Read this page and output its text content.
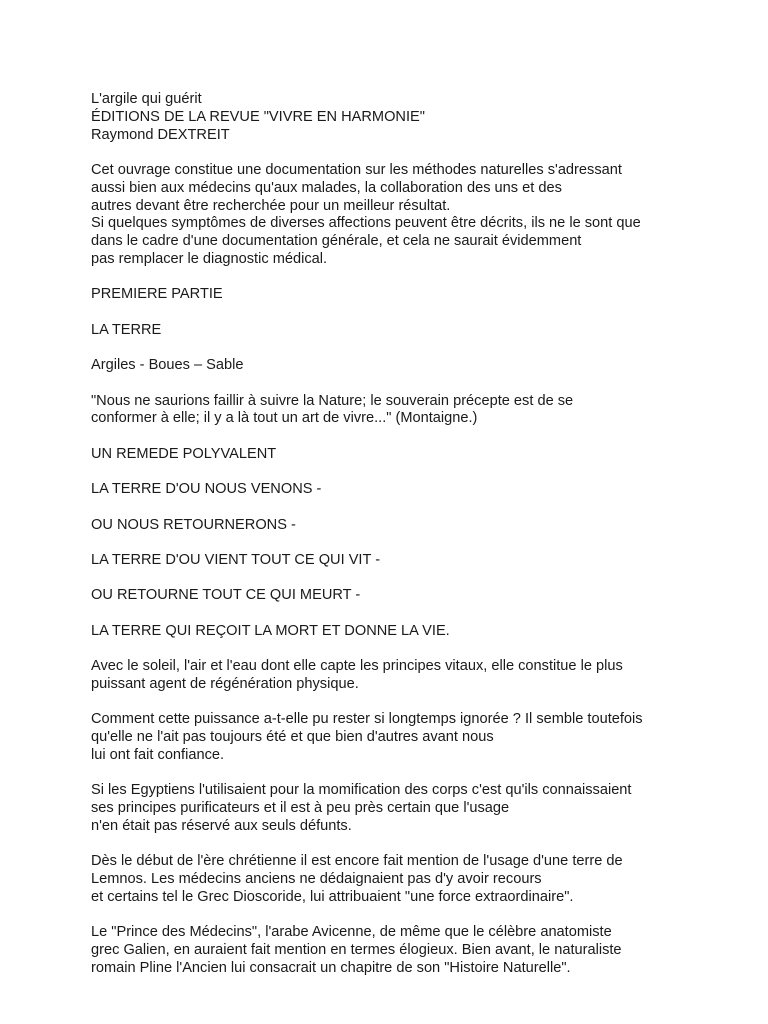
L'argile qui guérit
ÉDITIONS DE LA REVUE "VIVRE EN HARMONIE"
Raymond DEXTREIT
Cet ouvrage constitue une documentation sur les méthodes naturelles s'adressant
aussi bien aux médecins qu'aux malades, la collaboration des uns et des
autres devant être recherchée pour un meilleur résultat.
Si quelques symptômes de diverses affections peuvent être décrits, ils ne le sont que
dans le cadre d'une documentation générale, et cela ne saurait évidemment
pas remplacer le diagnostic médical.
PREMIERE PARTIE
LA TERRE
Argiles - Boues – Sable
"Nous ne saurions faillir à suivre la Nature; le souverain précepte est de se
conformer à elle; il y a là tout un art de vivre..." (Montaigne.)
UN REMEDE POLYVALENT
LA TERRE D'OU NOUS VENONS -
OU NOUS RETOURNERONS -
LA TERRE D'OU VIENT TOUT CE QUI VIT -
OU RETOURNE TOUT CE QUI MEURT -
LA TERRE QUI REÇOIT LA MORT ET DONNE LA VIE.
Avec le soleil, l'air et l'eau dont elle capte les principes vitaux, elle constitue le plus
puissant agent de régénération physique.
Comment cette puissance a-t-elle pu rester si longtemps ignorée ? Il semble toutefois
qu'elle ne l'ait pas toujours été et que bien d'autres avant nous
lui ont fait confiance.
Si les Egyptiens l'utilisaient pour la momification des corps c'est qu'ils connaissaient
ses principes purificateurs et il est à peu près certain que l'usage
n'en était pas réservé aux seuls défunts.
Dès le début de l'ère chrétienne il est encore fait mention de l'usage d'une terre de
Lemnos. Les médecins anciens ne dédaignaient pas d'y avoir recours
et certains tel le Grec Dioscoride, lui attribuaient "une force extraordinaire".
Le "Prince des Médecins", l'arabe Avicenne, de même que le célèbre anatomiste
grec Galien, en auraient fait mention en termes élogieux. Bien avant, le naturaliste
romain Pline l'Ancien lui consacrait un chapitre de son "Histoire Naturelle".
